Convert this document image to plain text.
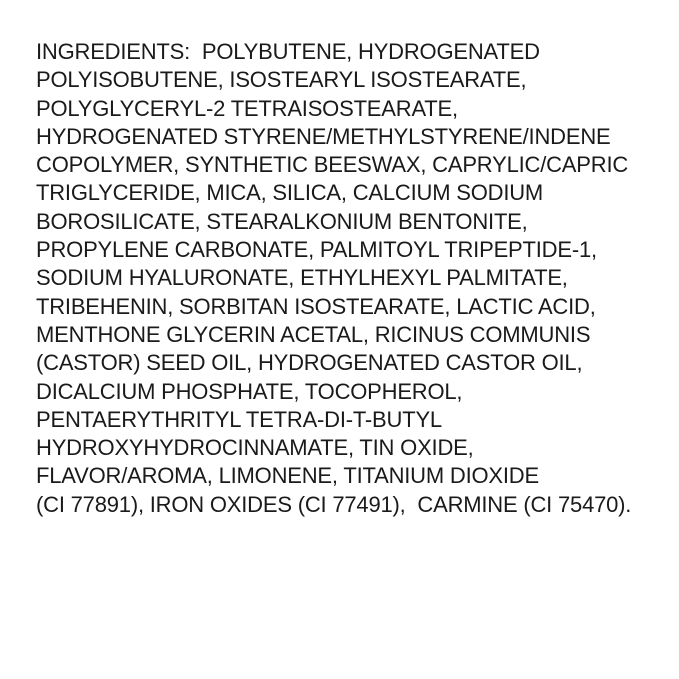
INGREDIENTS:  POLYBUTENE, HYDROGENATED
POLYISOBUTENE, ISOSTEARYL ISOSTEARATE,
POLYGLYCERYL-2 TETRAISOSTEARATE,
HYDROGENATED STYRENE/METHYLSTYRENE/INDENE
COPOLYMER, SYNTHETIC BEESWAX, CAPRYLIC/CAPRIC
TRIGLYCERIDE, MICA, SILICA, CALCIUM SODIUM
BOROSILICATE, STEARALKONIUM BENTONITE,
PROPYLENE CARBONATE, PALMITOYL TRIPEPTIDE-1,
SODIUM HYALURONATE, ETHYLHEXYL PALMITATE,
TRIBEHENIN, SORBITAN ISOSTEARATE, LACTIC ACID,
MENTHONE GLYCERIN ACETAL, RICINUS COMMUNIS
(CASTOR) SEED OIL, HYDROGENATED CASTOR OIL,
DICALCIUM PHOSPHATE, TOCOPHEROL,
PENTAERYTHRITYL TETRA-DI-T-BUTYL
HYDROXYHYDROCINNAMATE, TIN OXIDE,
FLAVOR/AROMA, LIMONENE, TITANIUM DIOXIDE
(CI 77891), IRON OXIDES (CI 77491),  CARMINE (CI 75470).
